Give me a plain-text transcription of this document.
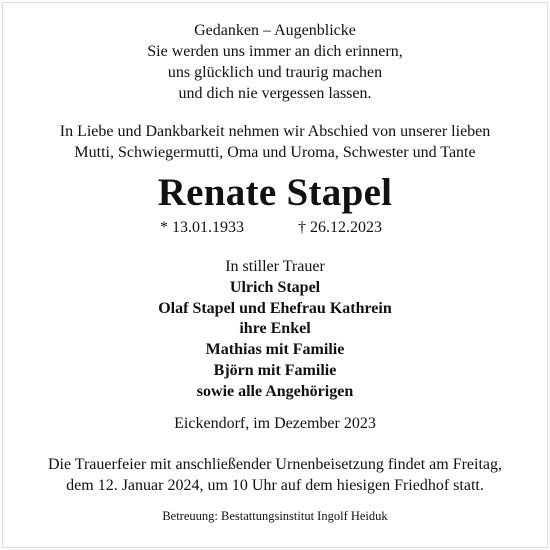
Gedanken – Augenblicke
Sie werden uns immer an dich erinnern,
uns glücklich und traurig machen
und dich nie vergessen lassen.
In Liebe und Dankbarkeit nehmen wir Abschied von unserer lieben
Mutti, Schwiegermutti, Oma und Uroma, Schwester und Tante
Renate Stapel
* 13.01.1933	† 26.12.2023
In stiller Trauer
Ulrich Stapel
Olaf Stapel und Ehefrau Kathrein
ihre Enkel
Mathias mit Familie
Björn mit Familie
sowie alle Angehörigen
Eickendorf, im Dezember 2023
Die Trauerfeier mit anschließender Urnenbeisetzung findet am Freitag,
dem 12. Januar 2024, um 10 Uhr auf dem hiesigen Friedhof statt.
Betreuung: Bestattungsinstitut Ingolf Heiduk
